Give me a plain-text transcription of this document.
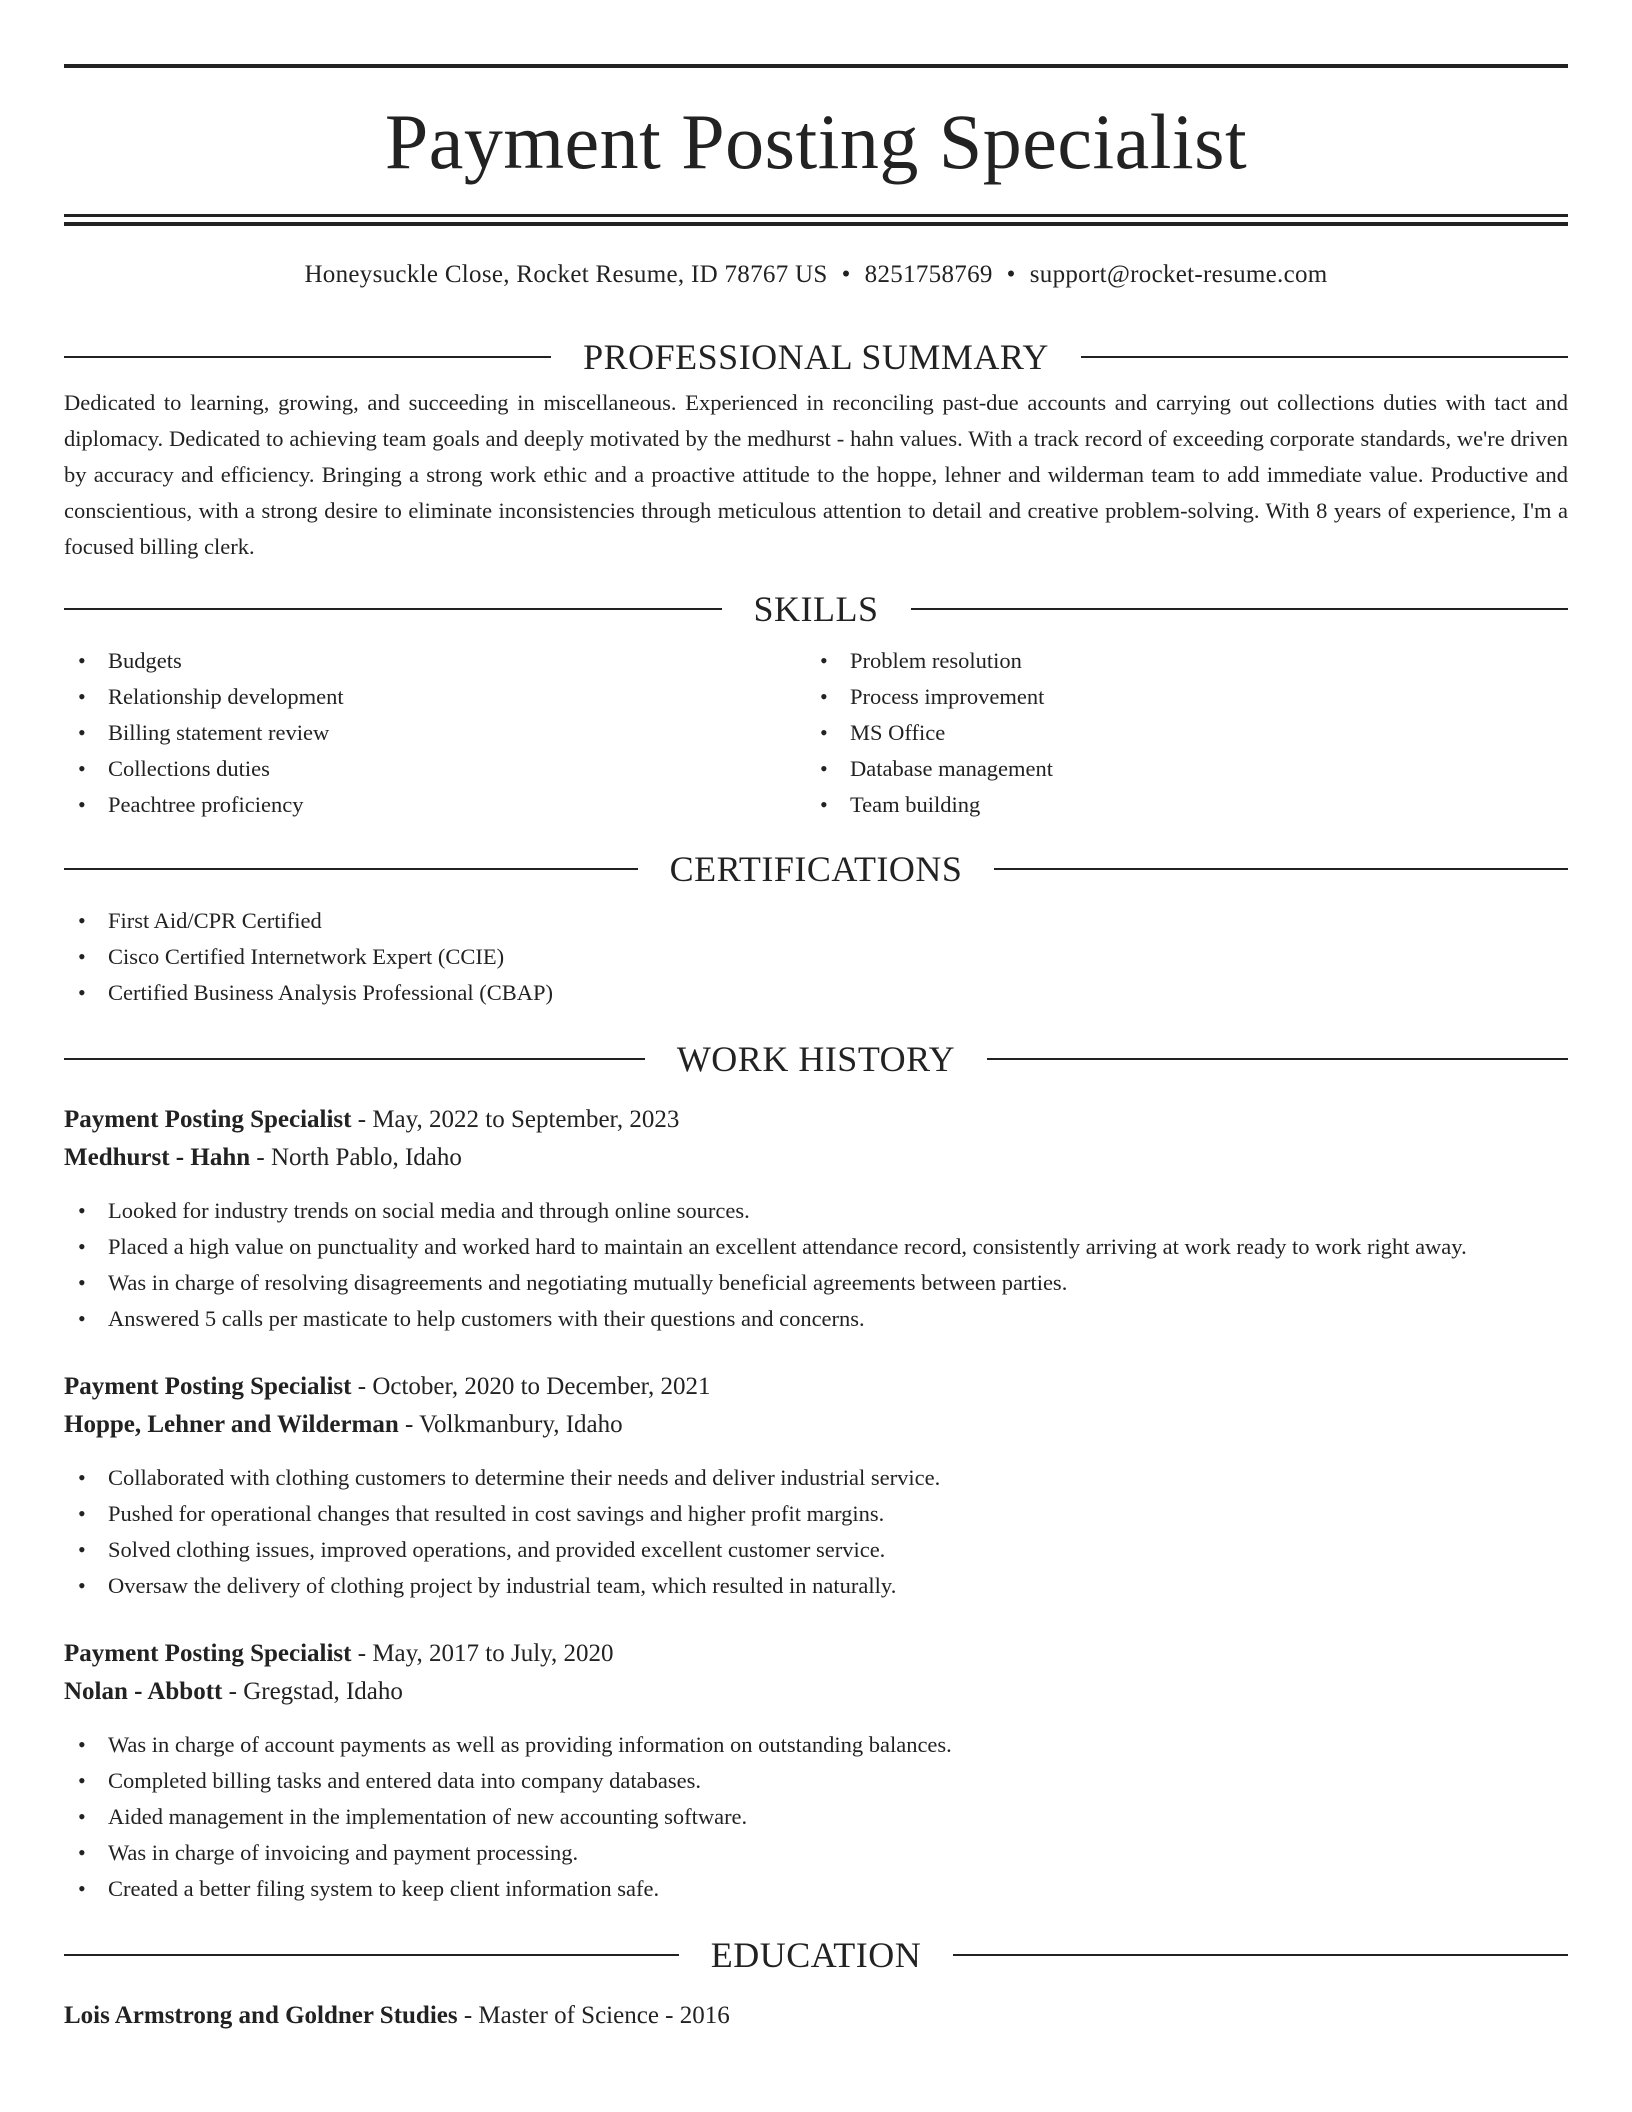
Payment Posting Specialist
Honeysuckle Close, Rocket Resume, ID 78767 US • 8251758769 • support@rocket-resume.com
PROFESSIONAL SUMMARY
Dedicated to learning, growing, and succeeding in miscellaneous. Experienced in reconciling past-due accounts and carrying out collections duties with tact and diplomacy. Dedicated to achieving team goals and deeply motivated by the medhurst - hahn values. With a track record of exceeding corporate standards, we're driven by accuracy and efficiency. Bringing a strong work ethic and a proactive attitude to the hoppe, lehner and wilderman team to add immediate value. Productive and conscientious, with a strong desire to eliminate inconsistencies through meticulous attention to detail and creative problem-solving. With 8 years of experience, I'm a focused billing clerk.
SKILLS
• Budgets
• Relationship development
• Billing statement review
• Collections duties
• Peachtree proficiency
• Problem resolution
• Process improvement
• MS Office
• Database management
• Team building
CERTIFICATIONS
• First Aid/CPR Certified
• Cisco Certified Internetwork Expert (CCIE)
• Certified Business Analysis Professional (CBAP)
WORK HISTORY
Payment Posting Specialist - May, 2022 to September, 2023
Medhurst - Hahn - North Pablo, Idaho
• Looked for industry trends on social media and through online sources.
• Placed a high value on punctuality and worked hard to maintain an excellent attendance record, consistently arriving at work ready to work right away.
• Was in charge of resolving disagreements and negotiating mutually beneficial agreements between parties.
• Answered 5 calls per masticate to help customers with their questions and concerns.
Payment Posting Specialist - October, 2020 to December, 2021
Hoppe, Lehner and Wilderman - Volkmanbury, Idaho
• Collaborated with clothing customers to determine their needs and deliver industrial service.
• Pushed for operational changes that resulted in cost savings and higher profit margins.
• Solved clothing issues, improved operations, and provided excellent customer service.
• Oversaw the delivery of clothing project by industrial team, which resulted in naturally.
Payment Posting Specialist - May, 2017 to July, 2020
Nolan - Abbott - Gregstad, Idaho
• Was in charge of account payments as well as providing information on outstanding balances.
• Completed billing tasks and entered data into company databases.
• Aided management in the implementation of new accounting software.
• Was in charge of invoicing and payment processing.
• Created a better filing system to keep client information safe.
EDUCATION
Lois Armstrong and Goldner Studies - Master of Science - 2016
